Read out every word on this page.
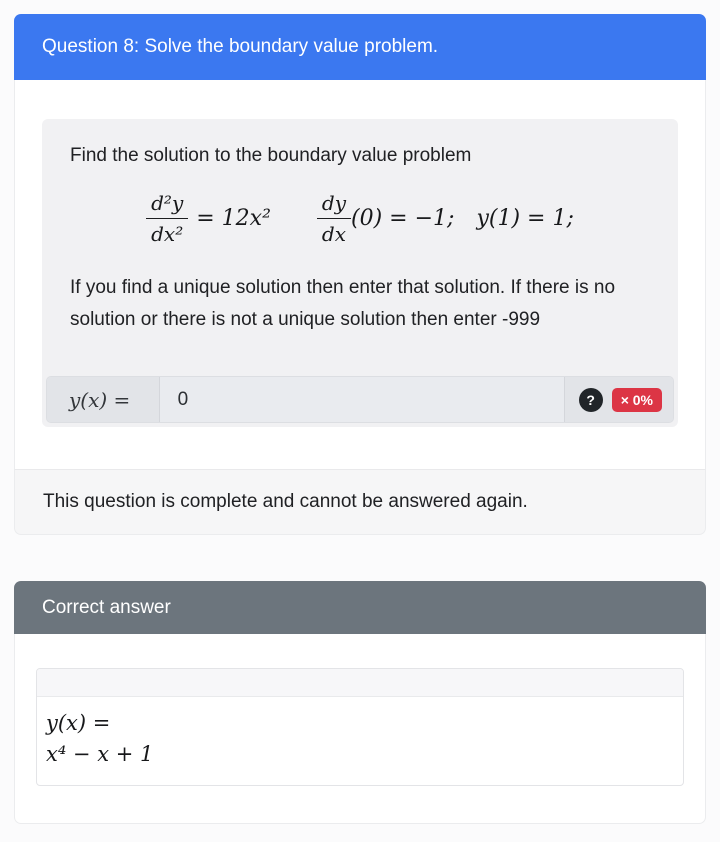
Question 8: Solve the boundary value problem.
Find the solution to the boundary value problem
$\frac{\text{d²y}}{\text{dx²}} = 12x^2 \frac{dy}{dx} (0) = -1$; y(1) = 1;
If you find a unique solution then enter that solution. If there is no solution or there is not a unique solution then enter -999
y(x) =
0	?	× 0%
This question is complete and cannot be answered again.
Correct answer
y(x) =
x⁴ − x + 1
